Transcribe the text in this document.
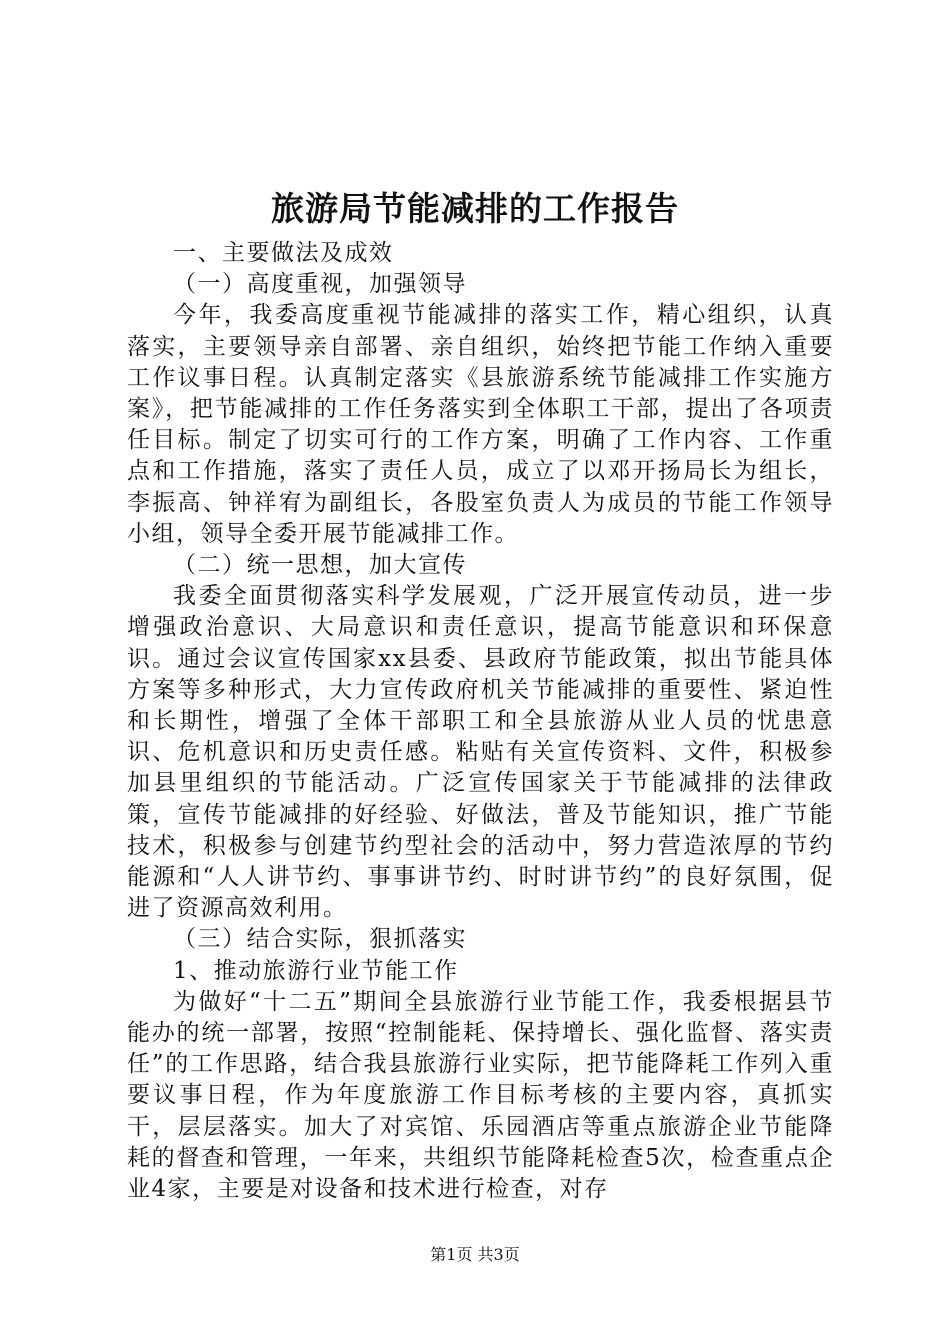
旅游局节能减排的工作报告

一、主要做法及成效

（一）高度重视，加强领导

今年，我委高度重视节能减排的落实工作，精心组织，认真落实，主要领导亲自部署、亲自组织，始终把节能工作纳入重要工作议事日程。认真制定落实《县旅游系统节能减排工作实施方案》，把节能减排的工作任务落实到全体职工干部，提出了各项责任目标。制定了切实可行的工作方案，明确了工作内容、工作重点和工作措施，落实了责任人员，成立了以邓开扬局长为组长，李振高、钟祥宥为副组长，各股室负责人为成员的节能工作领导小组，领导全委开展节能减排工作。

（二）统一思想，加大宣传

我委全面贯彻落实科学发展观，广泛开展宣传动员，进一步增强政治意识、大局意识和责任意识，提高节能意识和环保意识。通过会议宣传国家xx县委、县政府节能政策，拟出节能具体方案等多种形式，大力宣传政府机关节能减排的重要性、紧迫性和长期性，增强了全体干部职工和全县旅游从业人员的忧患意识、危机意识和历史责任感。粘贴有关宣传资料、文件，积极参加县里组织的节能活动。广泛宣传国家关于节能减排的法律政策，宣传节能减排的好经验、好做法，普及节能知识，推广节能技术，积极参与创建节约型社会的活动中，努力营造浓厚的节约能源和“人人讲节约、事事讲节约、时时讲节约”的良好氛围，促进了资源高效利用。

（三）结合实际，狠抓落实

1、推动旅游行业节能工作

为做好“十二五”期间全县旅游行业节能工作，我委根据县节能办的统一部署，按照“控制能耗、保持增长、强化监督、落实责任”的工作思路，结合我县旅游行业实际，把节能降耗工作列入重要议事日程，作为年度旅游工作目标考核的主要内容，真抓实干，层层落实。加大了对宾馆、乐园酒店等重点旅游企业节能降耗的督查和管理，一年来，共组织节能降耗检查5次，检查重点企业4家，主要是对设备和技术进行检查，对存

第1页 共3页
